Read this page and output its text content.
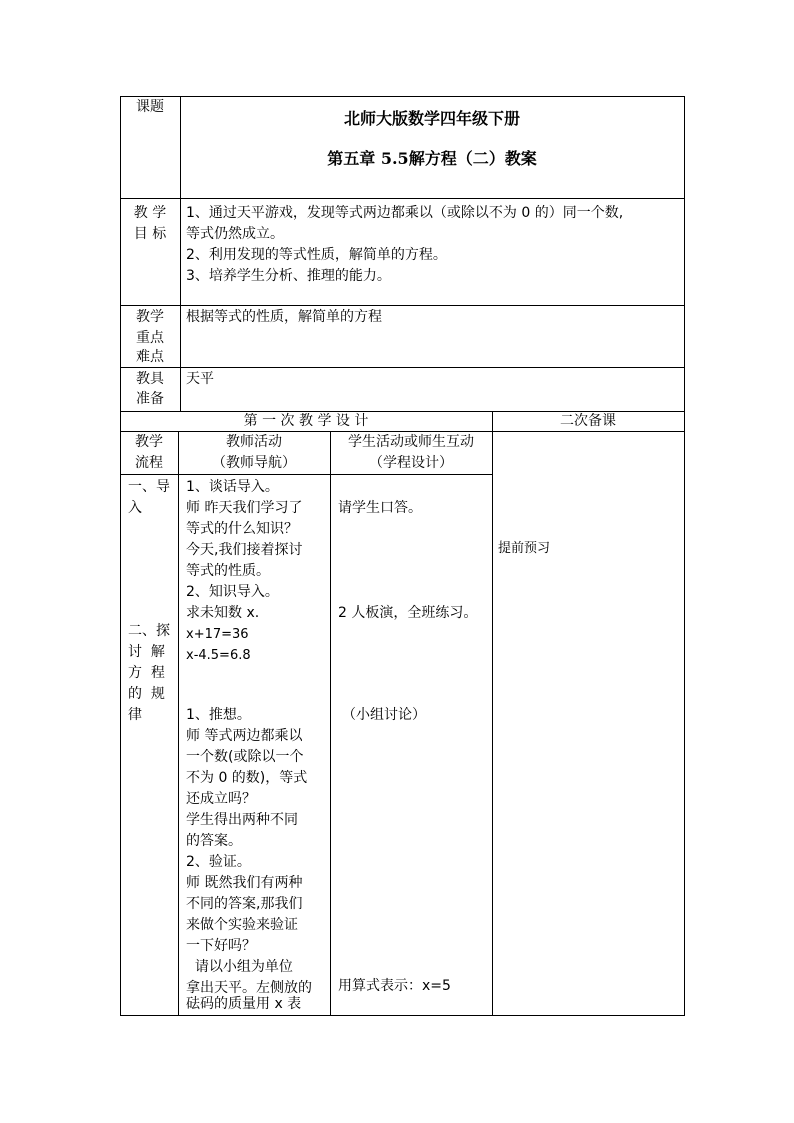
课题
北师大版数学四年级下册
第五章 5.5解方程（二）教案
教 学
目 标
1、通过天平游戏，发现等式两边都乘以（或除以不为 0 的）同一个数,
等式仍然成立。
2、利用发现的等式性质，解简单的方程。
3、培养学生分析、推理的能力。
教学
重点
难点
根据等式的性质，解简单的方程
教具
准备
天平
第 一 次 教 学 设 计	二次备课
教学
流程
教师活动
（教师导航）
学生活动或师生互动
（学程设计）
一、导
入
二、探
讨  解
方  程
的  规
律
1、谈话导入。
师 昨天我们学习了
等式的什么知识？
今天,我们接着探讨
等式的性质。
2、知识导入。
求未知数 x.
x+17=36
x-4.5=6.8
1、推想。
师 等式两边都乘以
一个数(或除以一个
不为 0 的数)，等式
还成立吗？
学生得出两种不同
的答案。
2、验证。
师 既然我们有两种
不同的答案,那我们
来做个实验来验证
一下好吗？
请以小组为单位
拿出天平。左侧放的
砝码的质量用 x 表
请学生口答。
2 人板演，全班练习。
（小组讨论）
用算式表示：x=5
提前预习
